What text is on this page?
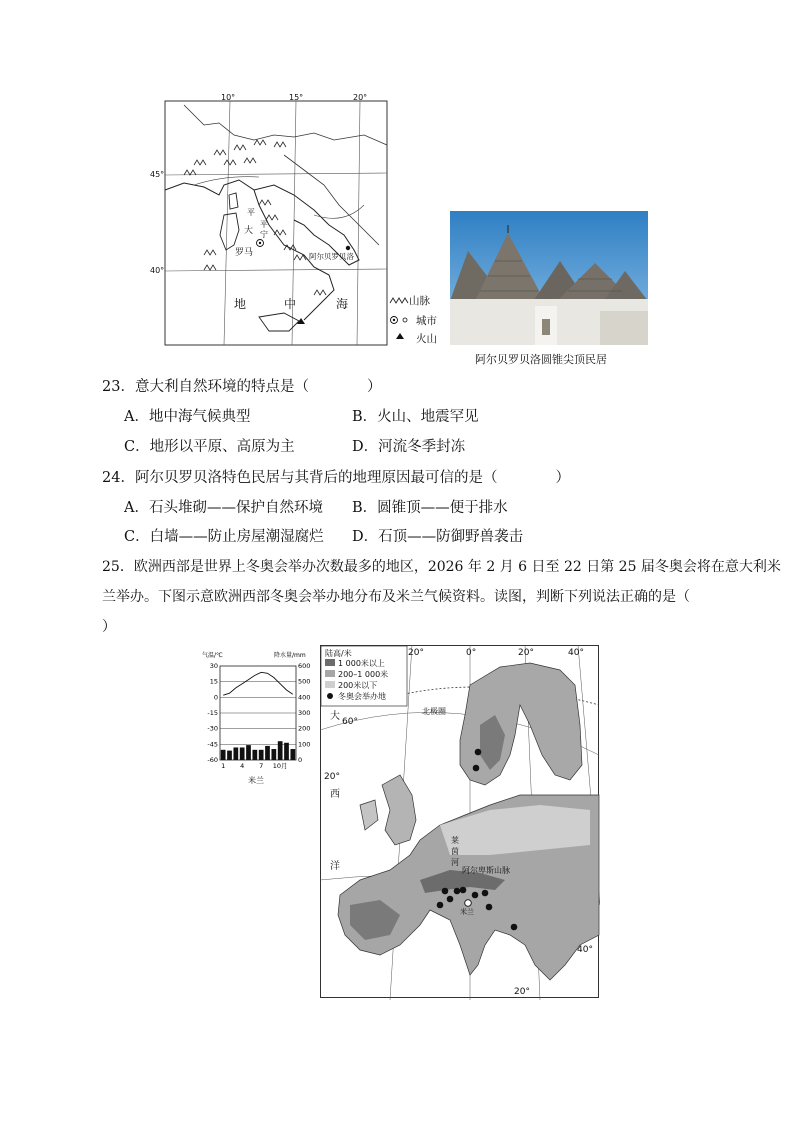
10°	15°	20°
45°
40°
地	中	海
罗马	阿尔贝罗贝洛
大
平
平
宁
山脉
城市
火山
阿尔贝罗贝洛圆锥尖顶民居
23．意大利自然环境的特点是（　　　　）
A．地中海气候典型	B．火山、地震罕见
C．地形以平原、高原为主	D．河流冬季封冻
24．阿尔贝罗贝洛特色民居与其背后的地理原因最可信的是（　　　　）
A．石头堆砌——保护自然环境 B．圆锥顶——便于排水
C．白墙——防止房屋潮湿腐烂 D．石顶——防御野兽袭击
25．欧洲西部是世界上冬奥会举办次数最多的地区，2026 年 2 月 6 日至 22 日第 25 届冬奥会将在意大利米
兰举办。下图示意欧洲西部冬奥会举办地分布及米兰气候资料。读图，判断下列说法正确的是（
）
气温/℃	降水量/mm
30
15
0
-15
-30
-45
-60
600
500
400
300
200
100
0
1 4 7 10月
米兰
陆高/米
1 000米以上
200–1 000米
200米以下
冬奥会举办地
20°	0°	20°	40°
20°
60°
20°
40°
大
西
洋
北极圈
莱
茵
河
阿尔卑斯山脉
米兰
